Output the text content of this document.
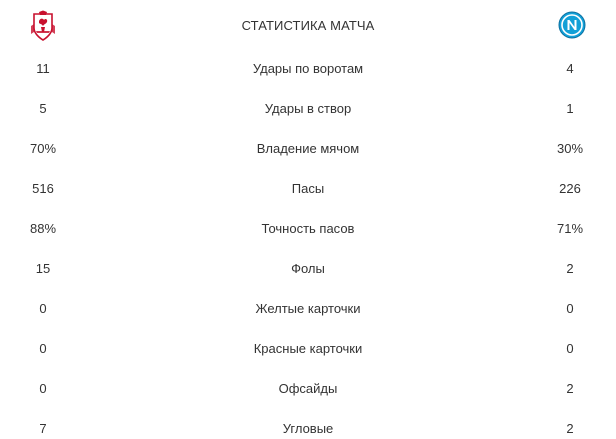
СТАТИСТИКА МАТЧА
11	Удары по воротам	4
5	Удары в створ	1
70%	Владение мячом	30%
516	Пасы	226
88%	Точность пасов	71%
15	Фолы	2
0	Желтые карточки	0
0	Красные карточки	0
0	Офсайды	2
7	Угловые	2
